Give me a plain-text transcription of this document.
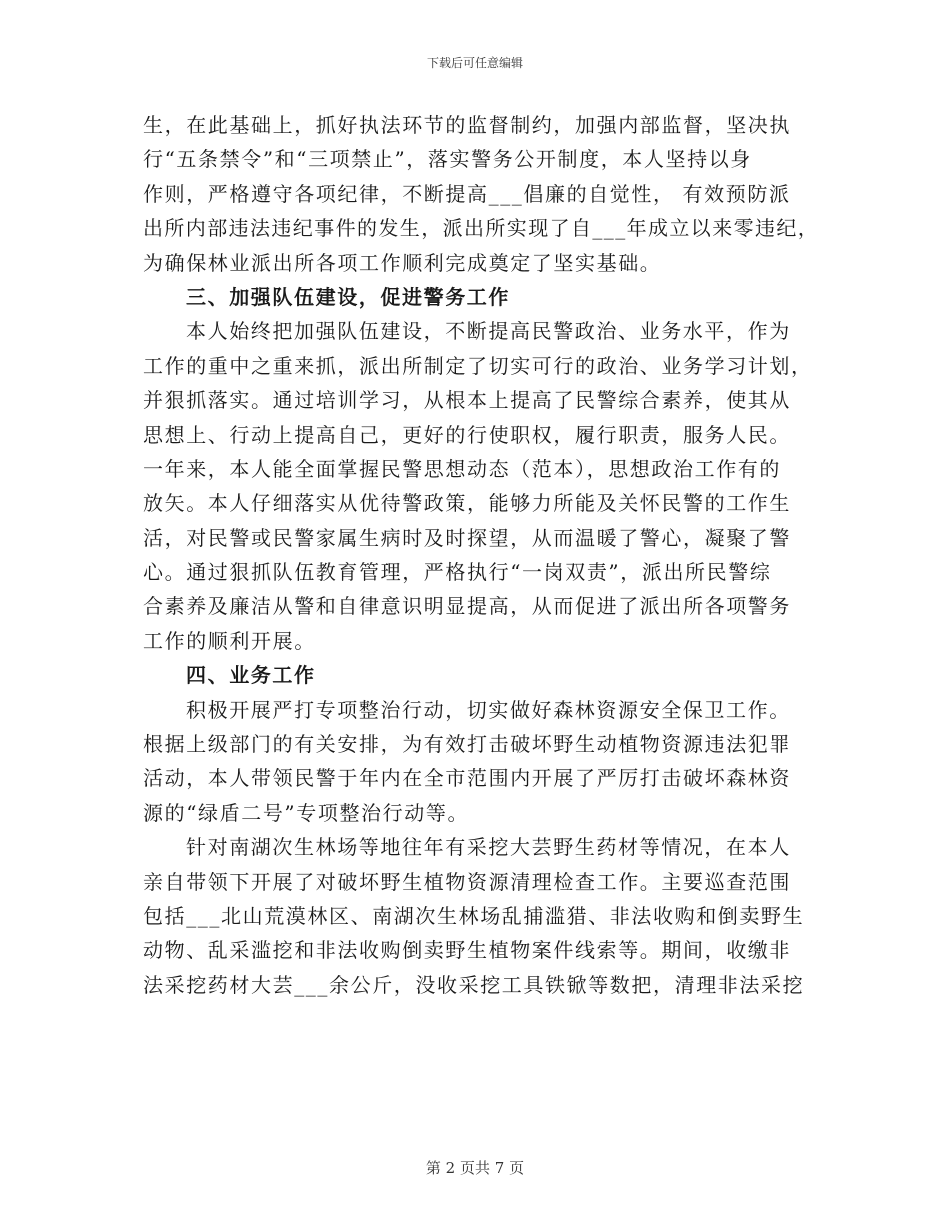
下载后可任意编辑
生，在此基础上，抓好执法环节的监督制约，加强内部监督，坚决执
行“五条禁令”和“三项禁止”，落实警务公开制度，本人坚持以身
作则，严格遵守各项纪律，不断提高___倡廉的自觉性， 有效预防派
出所内部违法违纪事件的发生，派出所实现了自___年成立以来零违纪，
为确保林业派出所各项工作顺利完成奠定了坚实基础。
三、加强队伍建设，促进警务工作
本人始终把加强队伍建设，不断提高民警政治、业务水平，作为
工作的重中之重来抓，派出所制定了切实可行的政治、业务学习计划，
并狠抓落实。通过培训学习，从根本上提高了民警综合素养，使其从
思想上、行动上提高自己，更好的行使职权，履行职责，服务人民。
一年来，本人能全面掌握民警思想动态（范本），思想政治工作有的
放矢。本人仔细落实从优待警政策，能够力所能及关怀民警的工作生
活，对民警或民警家属生病时及时探望，从而温暖了警心，凝聚了警
心。通过狠抓队伍教育管理，严格执行“一岗双责”，派出所民警综
合素养及廉洁从警和自律意识明显提高，从而促进了派出所各项警务
工作的顺利开展。
四、业务工作
积极开展严打专项整治行动，切实做好森林资源安全保卫工作。
根据上级部门的有关安排，为有效打击破坏野生动植物资源违法犯罪
活动，本人带领民警于年内在全市范围内开展了严厉打击破坏森林资
源的“绿盾二号”专项整治行动等。
针对南湖次生林场等地往年有采挖大芸野生药材等情况，在本人
亲自带领下开展了对破坏野生植物资源清理检查工作。主要巡查范围
包括___北山荒漠林区、南湖次生林场乱捕滥猎、非法收购和倒卖野生
动物、乱采滥挖和非法收购倒卖野生植物案件线索等。期间，收缴非
法采挖药材大芸___余公斤，没收采挖工具铁锨等数把，清理非法采挖
第 2 页共 7 页
